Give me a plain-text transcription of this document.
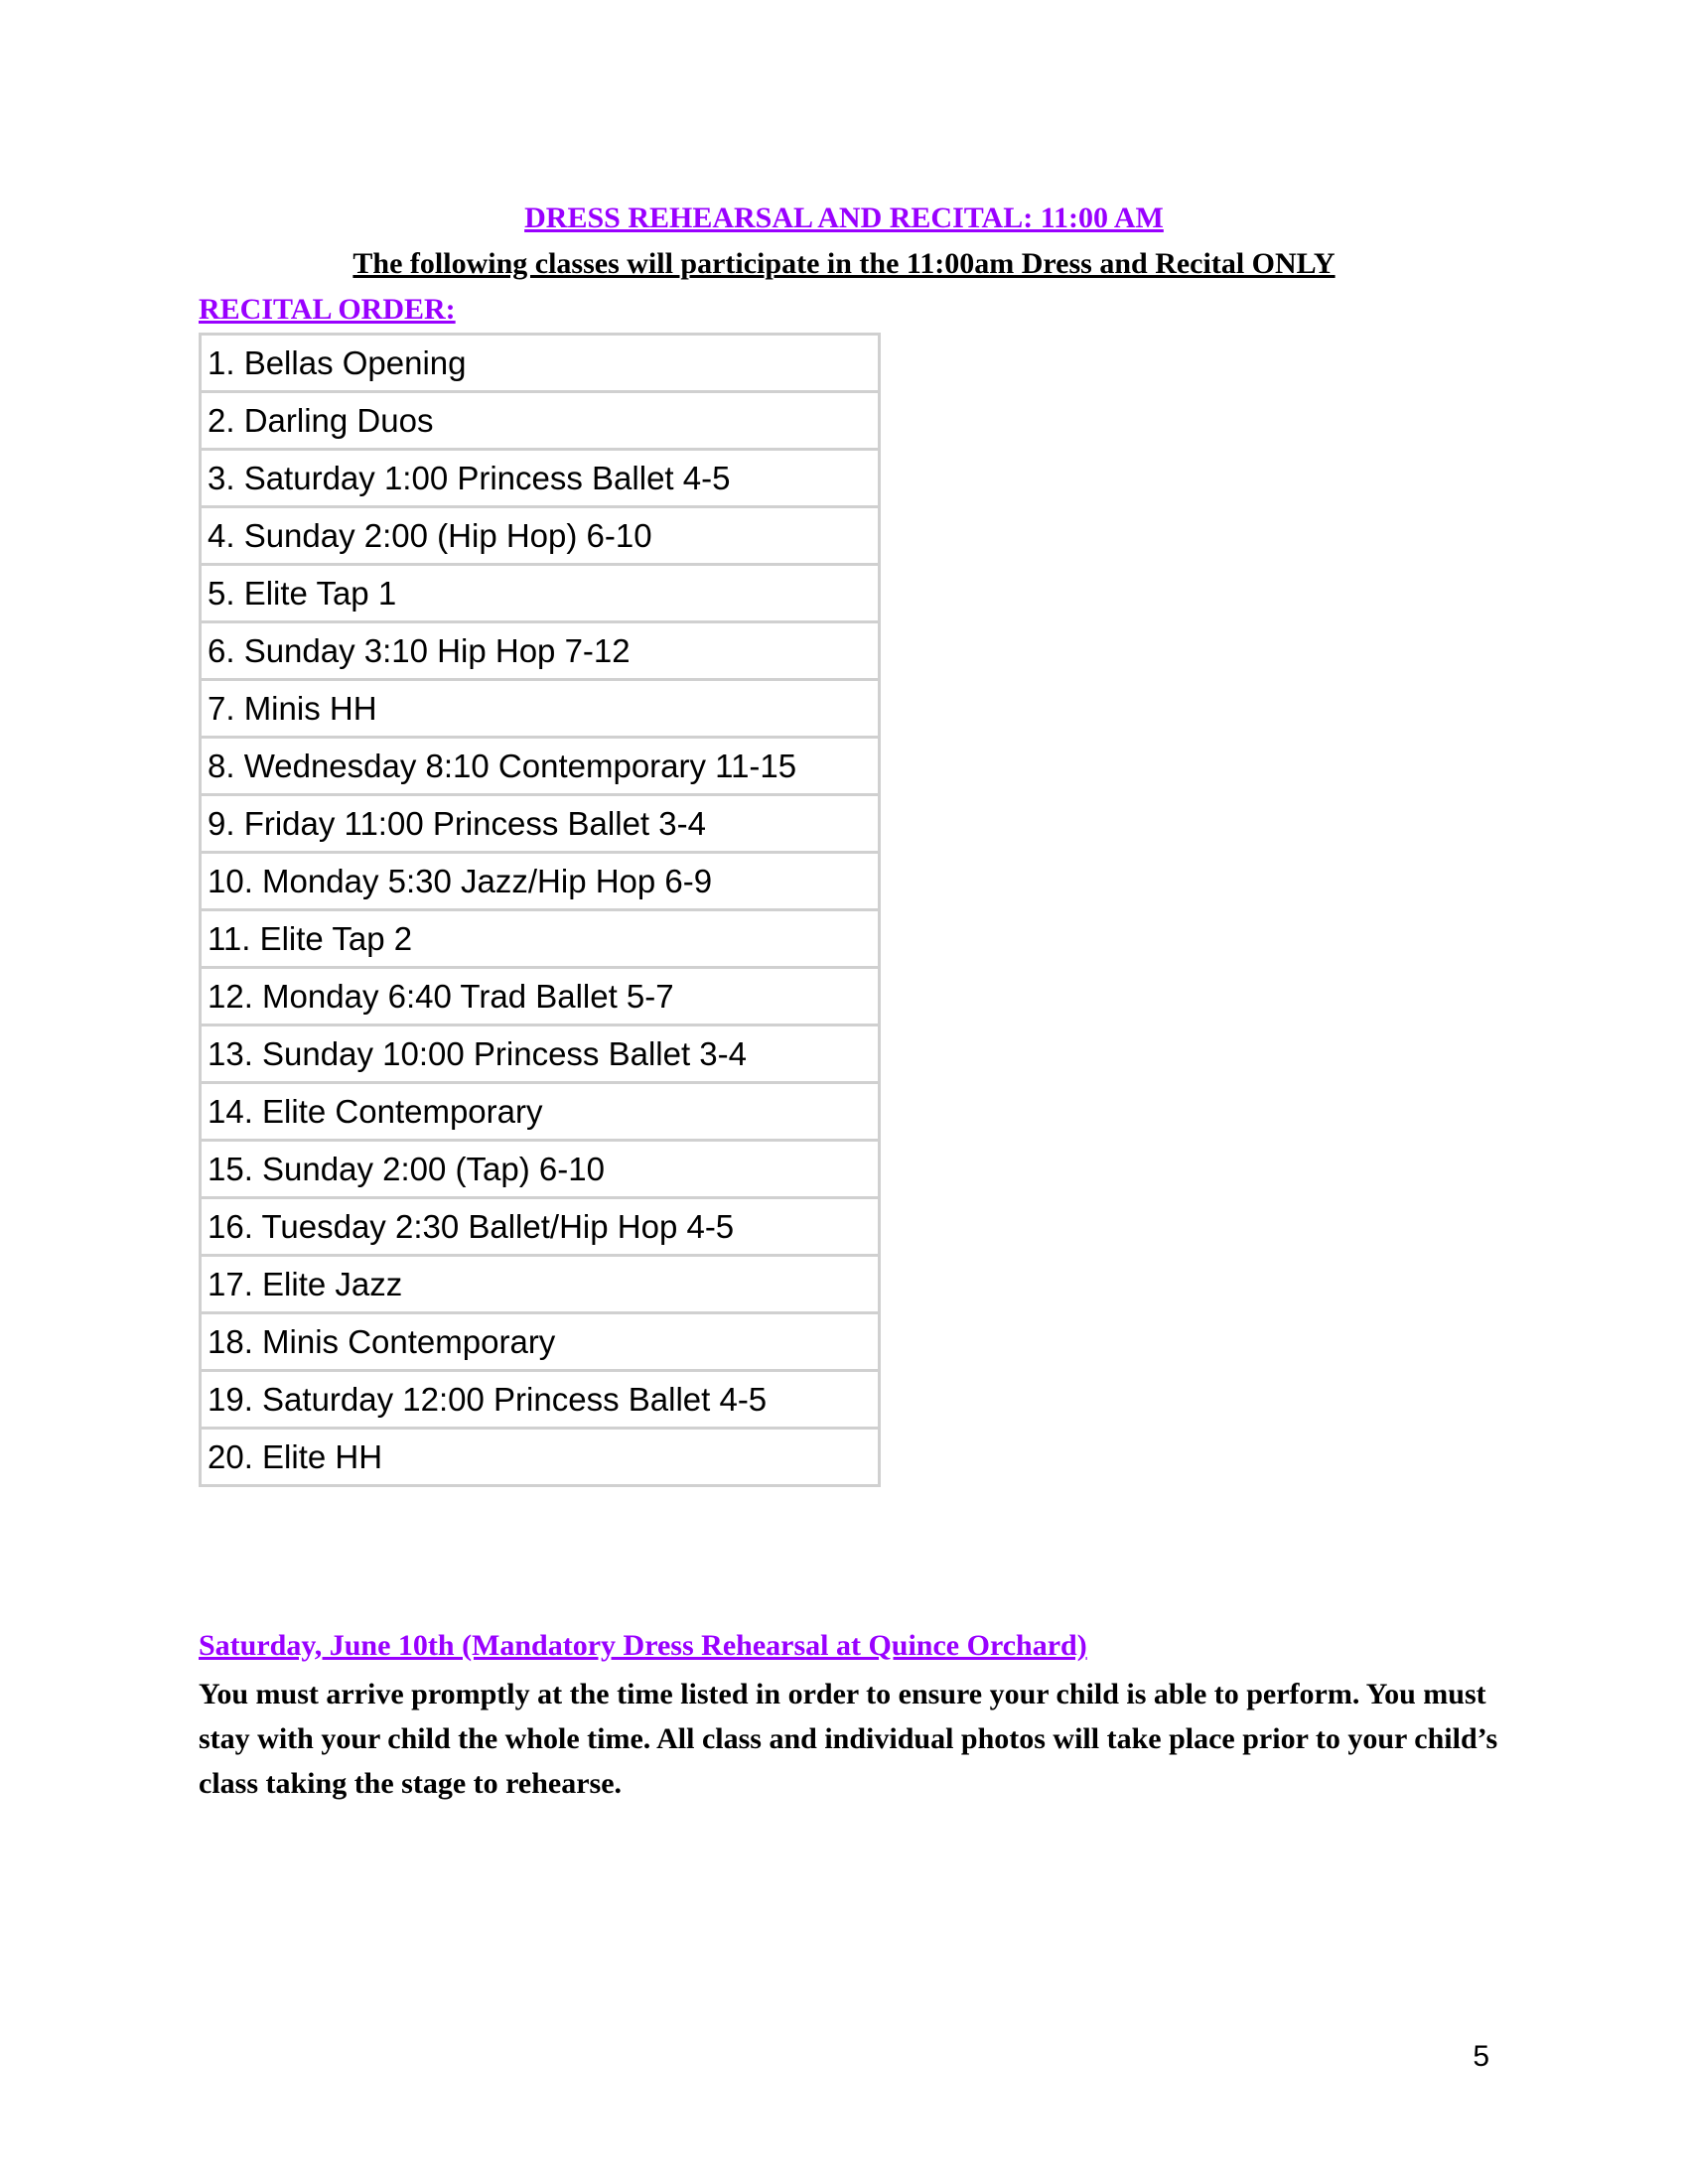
DRESS REHEARSAL AND RECITAL: 11:00 AM
The following classes will participate in the 11:00am Dress and Recital ONLY
RECITAL ORDER:
1. Bellas Opening
2. Darling Duos
3. Saturday 1:00 Princess Ballet 4-5
4. Sunday 2:00 (Hip Hop) 6-10
5. Elite Tap 1
6. Sunday 3:10 Hip Hop 7-12
7. Minis HH
8. Wednesday 8:10 Contemporary 11-15
9. Friday 11:00 Princess Ballet 3-4
10. Monday 5:30 Jazz/Hip Hop 6-9
11. Elite Tap 2
12. Monday 6:40 Trad Ballet 5-7
13. Sunday 10:00 Princess Ballet 3-4
14. Elite Contemporary
15. Sunday 2:00 (Tap) 6-10
16. Tuesday 2:30 Ballet/Hip Hop 4-5
17. Elite Jazz
18. Minis Contemporary
19. Saturday 12:00 Princess Ballet 4-5
20. Elite HH
Saturday, June 10th (Mandatory Dress Rehearsal at Quince Orchard)

You must arrive promptly at the time listed in order to ensure your child is able to perform. You must stay with your child the whole time. All class and individual photos will take place prior to your child’s class taking the stage to rehearse.

5
